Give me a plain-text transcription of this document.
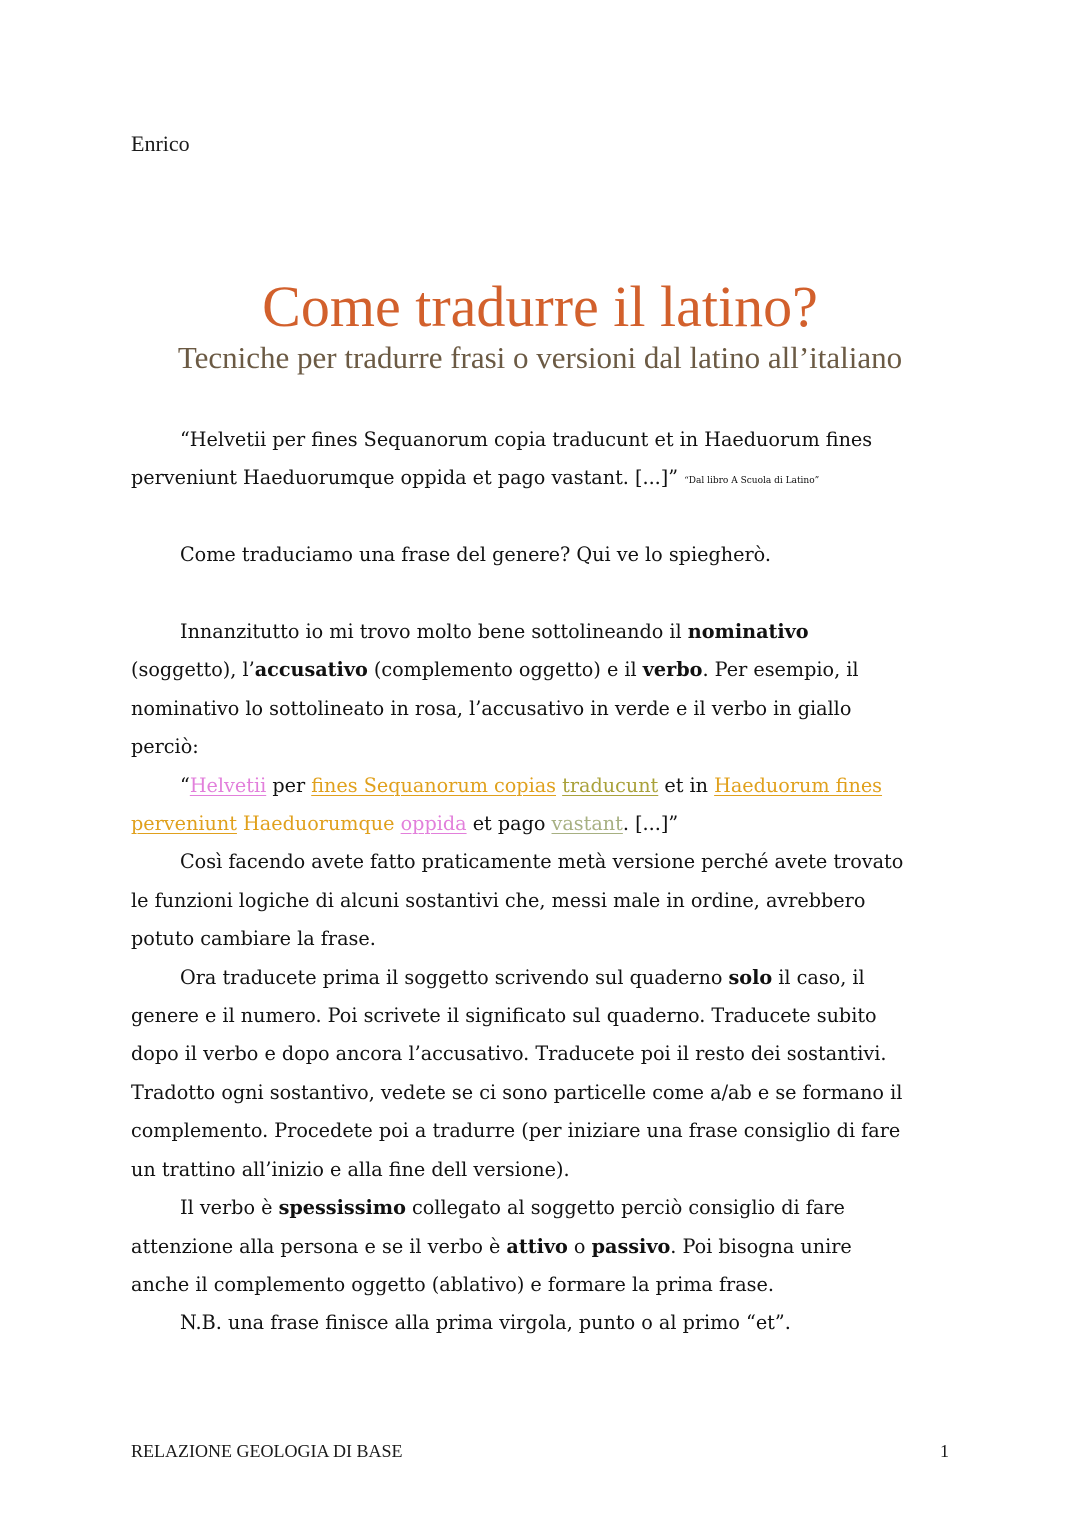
Enrico
Come tradurre il latino?
Tecniche per tradurre frasi o versioni dal latino all’italiano

“Helvetii per fines Sequanorum copia traducunt et in Haeduorum fines

perveniunt Haeduorumque oppida et pago vastant. [...]” “Dal libro A Scuola di Latino”

Come traduciamo una frase del genere? Qui ve lo spiegherò.

Innanzitutto io mi trovo molto bene sottolineando il nominativo

(soggetto), l’accusativo (complemento oggetto) e il verbo. Per esempio, il

nominativo lo sottolineato in rosa, l’accusativo in verde e il verbo in giallo

perciò:

“Helvetii per fines Sequanorum copias traducunt et in Haeduorum fines

perveniunt Haeduorumque oppida et pago vastant. [...]”

Così facendo avete fatto praticamente metà versione perché avete trovato

le funzioni logiche di alcuni sostantivi che, messi male in ordine, avrebbero

potuto cambiare la frase.

Ora traducete prima il soggetto scrivendo sul quaderno solo il caso, il

genere e il numero. Poi scrivete il significato sul quaderno. Traducete subito

dopo il verbo e dopo ancora l’accusativo. Traducete poi il resto dei sostantivi.

Tradotto ogni sostantivo, vedete se ci sono particelle come a/ab e se formano il

complemento. Procedete poi a tradurre (per iniziare una frase consiglio di fare

un trattino all’inizio e alla fine dell versione).

Il verbo è spessissimo collegato al soggetto perciò consiglio di fare

attenzione alla persona e se il verbo è attivo o passivo. Poi bisogna unire

anche il complemento oggetto (ablativo) e formare la prima frase.

N.B. una frase finisce alla prima virgola, punto o al primo “et”.

RELAZIONE GEOLOGIA DI BASE	1
